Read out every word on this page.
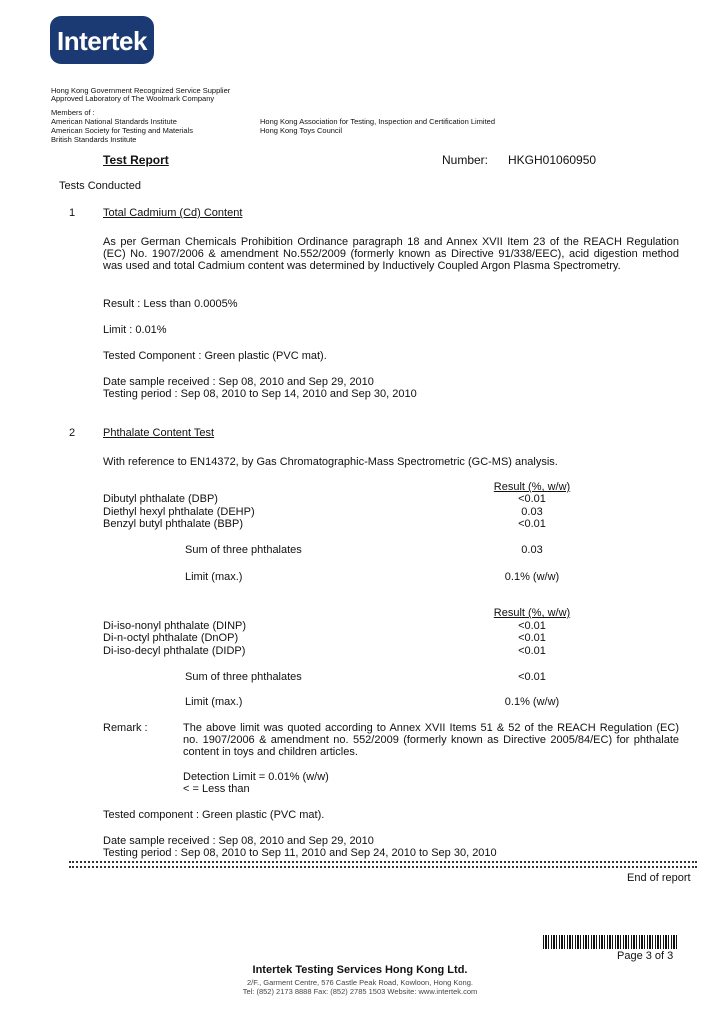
Intertek
Hong Kong Government Recognized Service Supplier
Approved Laboratory of The Woolmark Company
Members of :
American National Standards Institute
American Society for Testing and Materials
British Standards Institute
Hong Kong Association for Testing, Inspection and Certification Limited
Hong Kong Toys Council
Test Report	Number: HKGH01060950
Tests Conducted
1	Total Cadmium (Cd) Content
As per German Chemicals Prohibition Ordinance paragraph 18 and Annex XVII Item 23 of the REACH Regulation (EC) No. 1907/2006 & amendment No.552/2009 (formerly known as Directive 91/338/EEC), acid digestion method was used and total Cadmium content was determined by Inductively Coupled Argon Plasma Spectrometry.
Result : Less than 0.0005%
Limit : 0.01%
Tested Component : Green plastic (PVC mat).
Date sample received : Sep 08, 2010 and Sep 29, 2010
Testing period : Sep 08, 2010 to Sep 14, 2010 and Sep 30, 2010
2	Phthalate Content Test
With reference to EN14372, by Gas Chromatographic-Mass Spectrometric (GC-MS) analysis.
Result (%, w/w)
Dibutyl phthalate (DBP)	<0.01
Diethyl hexyl phthalate (DEHP)	0.03
Benzyl butyl phthalate (BBP)	<0.01
Sum of three phthalates	0.03
Limit (max.)	0.1% (w/w)
Result (%, w/w)
Di-iso-nonyl phthalate (DINP)	<0.01
Di-n-octyl phthalate (DnOP)	<0.01
Di-iso-decyl phthalate (DIDP)	<0.01
Sum of three phthalates	<0.01
Limit (max.)	0.1% (w/w)
Remark :	The above limit was quoted according to Annex XVII Items 51 & 52 of the REACH Regulation (EC) no. 1907/2006 & amendment no. 552/2009 (formerly known as Directive 2005/84/EC) for phthalate content in toys and children articles.
Detection Limit = 0.01% (w/w)
< = Less than
Tested component : Green plastic (PVC mat).
Date sample received : Sep 08, 2010 and Sep 29, 2010
Testing period : Sep 08, 2010 to Sep 11, 2010 and Sep 24, 2010 to Sep 30, 2010
End of report
Page 3 of 3
Intertek Testing Services Hong Kong Ltd.
2/F., Garment Centre, 576 Castle Peak Road, Kowloon, Hong Kong.
Tel: (852) 2173 8888 Fax: (852) 2785 1503 Website: www.intertek.com
